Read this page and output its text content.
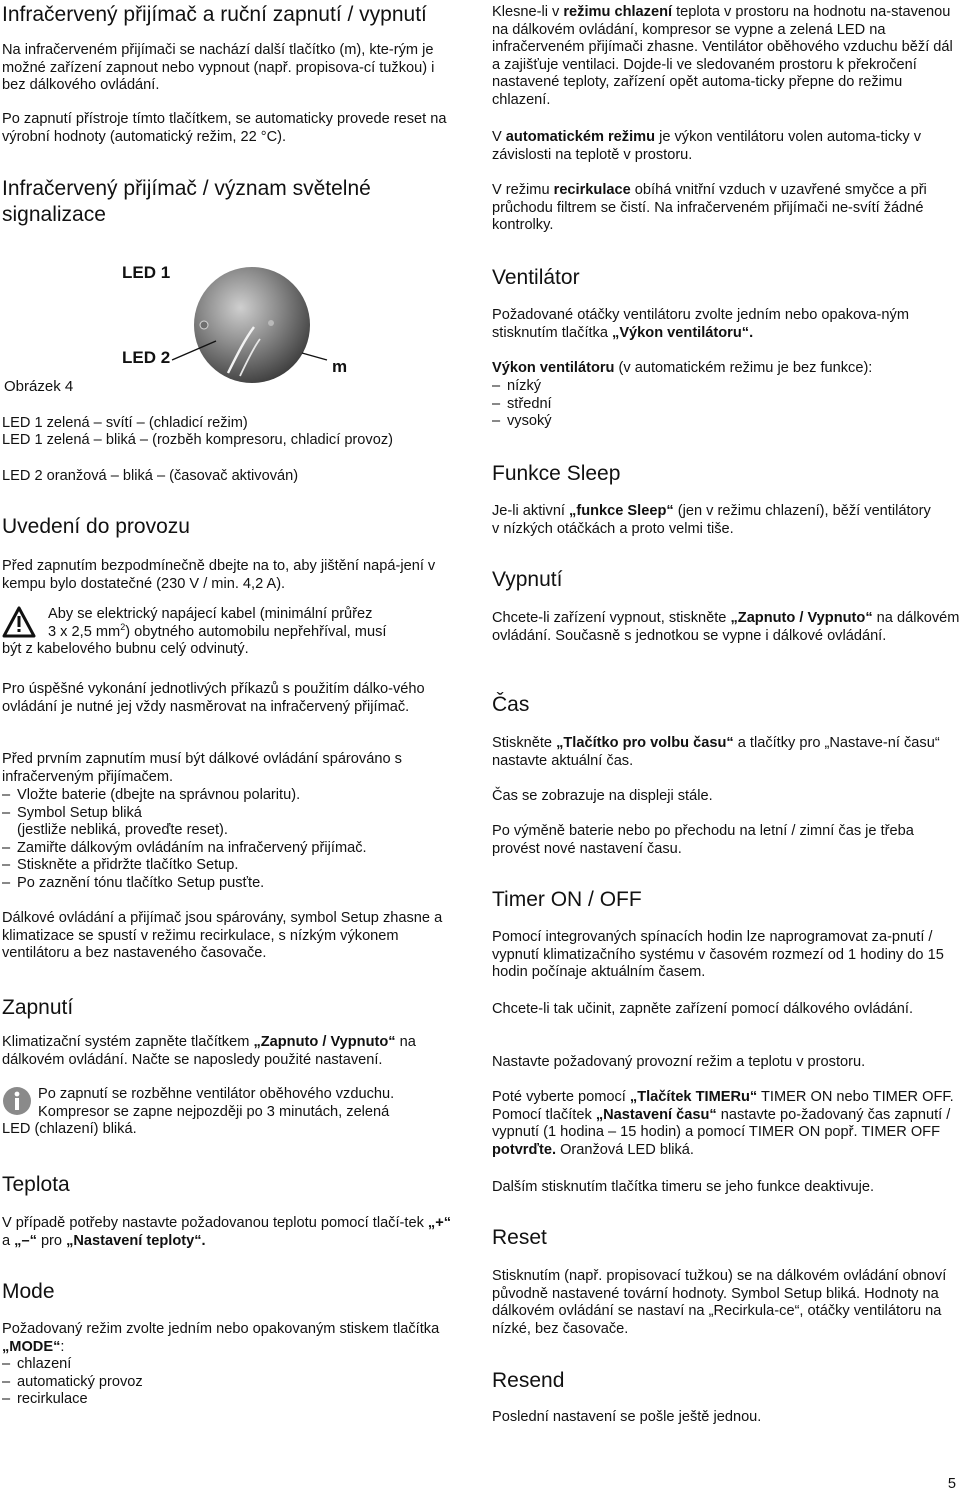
Infračervený přijímač a ruční zapnutí / vypnutí

Na infračerveném přijímači se nachází další tlačítko (m), kte-rým je možné zařízení zapnout nebo vypnout (např. propisova-cí tužkou) i bez dálkového ovládání.

Po zapnutí přístroje tímto tlačítkem, se automaticky provede reset na výrobní hodnoty (automatický režim, 22 °C).

Infračervený přijímač / význam světelné signalizace
LED 1
LED 2	m
Obrázek 4

LED 1 zelená – svítí – (chladicí režim)

LED 1 zelená – bliká – (rozběh kompresoru, chladicí provoz)

LED 2 oranžová – bliká – (časovač aktivován)

Uvedení do provozu

Před zapnutím bezpodmínečně dbejte na to, aby jištění napá-jení v kempu bylo dostatečné (230 V / min. 4,2 A).

Aby se elektrický napájecí kabel (minimální průřez

3 x 2,5 $mm^2$) obytného automobilu nepřehříval, musí

být z kabelového bubnu celý odvinutý.

Pro úspěšné vykonání jednotlivých příkazů s použitím dálko-vého ovládání je nutné jej vždy nasměrovat na infračervený přijímač.

Před prvním zapnutím musí být dálkové ovládání spárováno s infračerveným přijímačem.

– Vložte baterie (dbejte na správnou polaritu).
– Symbol Setup bliká
(jestliže nebliká, proveďte reset).
– Zamiřte dálkovým ovládáním na infračervený přijímač.
– Stiskněte a přidržte tlačítko Setup.
– Po zaznění tónu tlačítko Setup pusťte.

Dálkové ovládání a přijímač jsou spárovány, symbol Setup zhasne a klimatizace se spustí v režimu recirkulace, s nízkým výkonem ventilátoru a bez nastaveného časovače.

Zapnutí

Klimatizační systém zapněte tlačítkem „Zapnuto / Vypnuto“ na dálkovém ovládání. Načte se naposledy použité nastavení.

Po zapnutí se rozběhne ventilátor oběhového vzduchu.

Kompresor se zapne nejpozději po 3 minutách, zelená

LED (chlazení) bliká.

Teplota

V případě potřeby nastavte požadovanou teplotu pomocí tlačí-tek „+“ a „–“ pro „Nastavení teploty“.

Mode

Požadovaný režim zvolte jedním nebo opakovaným stiskem tlačítka „MODE“:

– chlazení
– automatický provoz
– recirkulace

Klesne-li v režimu chlazení teplota v prostoru na hodnotu na-stavenou na dálkovém ovládání, kompresor se vypne a zelená LED na infračerveném přijímači zhasne. Ventilátor oběhového vzduchu běží dál a zajišťuje ventilaci. Dojde-li ve sledovaném prostoru k překročení nastavené teploty, zařízení opět automa-ticky přepne do režimu chlazení.

V automatickém režimu je výkon ventilátoru volen automa-ticky v závislosti na teplotě v prostoru.

V režimu recirkulace obíhá vnitřní vzduch v uzavřené smyčce a při průchodu filtrem se čistí. Na infračerveném přijímači ne-svítí žádné kontrolky.

Ventilátor

Požadované otáčky ventilátoru zvolte jedním nebo opakova-ným stisknutím tlačítka „Výkon ventilátoru“.

Výkon ventilátoru (v automatickém režimu je bez funkce):

– nízký
– střední
– vysoký
Funkce Sleep

Je-li aktivní „funkce Sleep“ (jen v režimu chlazení), běží ventilátory v nízkých otáčkách a proto velmi tiše.

Vypnutí

Chcete-li zařízení vypnout, stiskněte „Zapnuto / Vypnuto“ na dálkovém ovládání. Současně s jednotkou se vypne i dálkové ovládání.

Čas

Stiskněte „Tlačítko pro volbu času“ a tlačítky pro „Nastave-ní času“ nastavte aktuální čas.

Čas se zobrazuje na displeji stále.

Po výměně baterie nebo po přechodu na letní / zimní čas je třeba provést nové nastavení času.

Timer ON / OFF

Pomocí integrovaných spínacích hodin lze naprogramovat za-pnutí / vypnutí klimatizačního systému v časovém rozmezí od 1 hodiny do 15 hodin počínaje aktuálním časem.

Chcete-li tak učinit, zapněte zařízení pomocí dálkového ovládání.

Nastavte požadovaný provozní režim a teplotu v prostoru.

Poté vyberte pomocí „Tlačítek TIMERu“ TIMER ON nebo TIMER OFF. Pomocí tlačítek „Nastavení času“ nastavte po-žadovaný čas zapnutí / vypnutí (1 hodina – 15 hodin) a pomocí TIMER ON popř. TIMER OFF potvrďte. Oranžová LED bliká.

Dalším stisknutím tlačítka timeru se jeho funkce deaktivuje.

Reset

Stisknutím (např. propisovací tužkou) se na dálkovém ovládání obnoví původně nastavené tovární hodnoty. Symbol Setup bliká. Hodnoty na dálkovém ovládání se nastaví na „Recirkula-ce“, otáčky ventilátoru na nízké, bez časovače.

Resend

Poslední nastavení se pošle ještě jednou.

5
